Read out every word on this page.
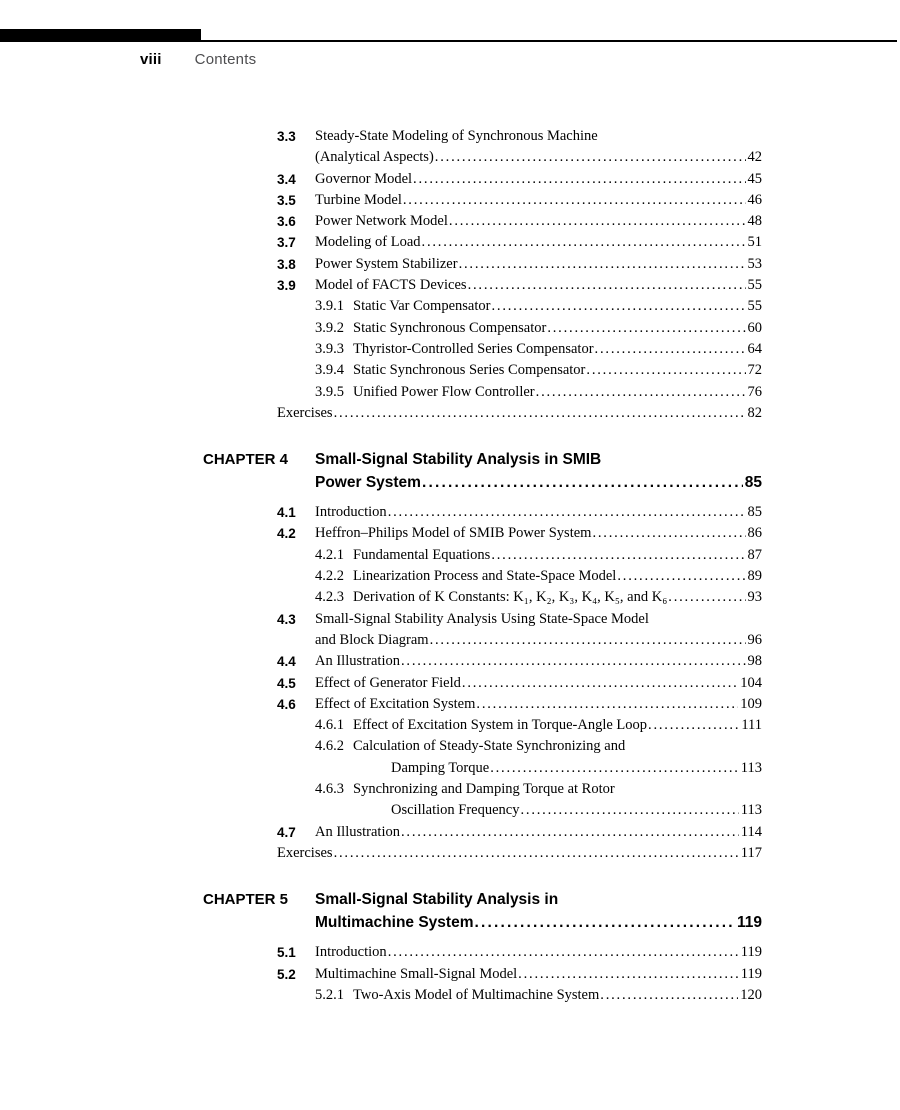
viii Contents
3.3	Steady-State Modeling of Synchronous Machine
(Analytical Aspects) .....	42
3.4	Governor Model .....	45
3.5	Turbine Model .....	46
3.6	Power Network Model .....	48
3.7	Modeling of Load .....	51
3.8	Power System Stabilizer .....	53
3.9	Model of FACTS Devices .....	55
3.9.1 Static Var Compensator .....	55
3.9.2 Static Synchronous Compensator .....	60
3.9.3 Thyristor-Controlled Series Compensator .....	64
3.9.4 Static Synchronous Series Compensator .....	72
3.9.5 Unified Power Flow Controller .....	76
Exercises .....	82
CHAPTER 4	Small-Signal Stability Analysis in SMIB
Power System .....	85
4.1	Introduction .....	85
4.2	Heffron–Philips Model of SMIB Power System .....	86
4.2.1 Fundamental Equations .....	87
4.2.2 Linearization Process and State-Space Model .....	89
4.2.3 Derivation of K Constants: K₁, K₂, K₃, K₄, K₅, and K₆ .....	93
4.3	Small-Signal Stability Analysis Using State-Space Model
and Block Diagram .....	96
4.4	An Illustration .....	98
4.5	Effect of Generator Field .....	104
4.6	Effect of Excitation System .....	109
4.6.1 Effect of Excitation System in Torque-Angle Loop .....	111
4.6.2 Calculation of Steady-State Synchronizing and
Damping Torque .....	113
4.6.3 Synchronizing and Damping Torque at Rotor
Oscillation Frequency .....	113
4.7	An Illustration .....	114
Exercises .....	117
CHAPTER 5	Small-Signal Stability Analysis in
Multimachine System .....	119
5.1	Introduction .....	119
5.2	Multimachine Small-Signal Model .....	119
5.2.1 Two-Axis Model of Multimachine System .....	120
